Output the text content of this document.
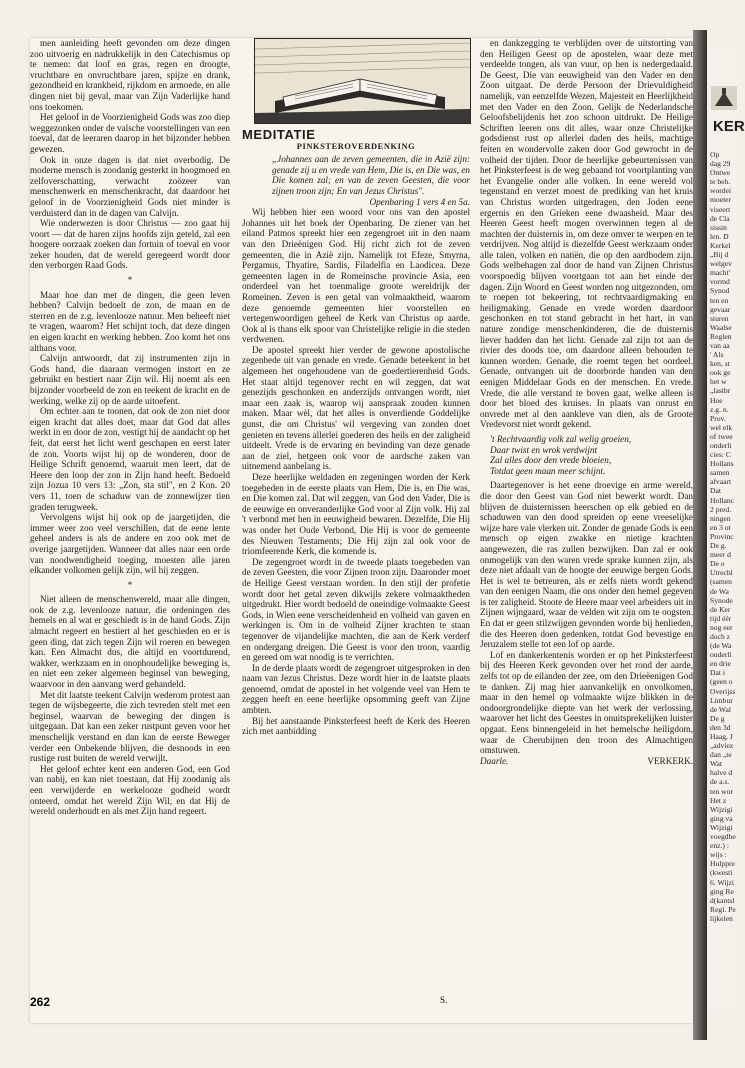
men aanleiding heeft gevonden om deze dingen zoo uitvoerig en nadrukkelijk in den Catechismus op te nemen: dat loof en gras, regen en droogte, vruchtbare en onvruchtbare jaren, spijze en drank, gezondheid en krankheid, rijkdom en armoede, en alle dingen niet bij geval, maar van Zijn Vaderlijke hand ons toekomen.

Het geloof in de Voorzienigheid Gods was zoo diep weggezonken onder de valsche voorstellingen van een toeval, dat de leeraren daarop in het bijzonder hebben gewezen.

Ook in onze dagen is dat niet overbodig. De moderne mensch is zoodanig gesterkt in hoogmoed en zelfoverschatting, verwacht zoözeer van menschenwerk en menschenkracht, dat daardoor het geloof in de Voorzienigheid Gods niet minder is verduisterd dan in de dagen van Calvijn.

Wie onderwezen is door Christus — zoo gaat hij voort — dat de haren zijns hoofds zijn geteld, zal een hoogere oorzaak zoeken dan fortuin of toeval en voor zeker houden, dat de wereld geregeerd wordt door den verborgen Raad Gods.

*

Maar hoe dan met de dingen, die geen leven hebben? Calvijn bedoelt de zon, de maan en de sterren en de z.g. levenlooze natuur. Men beheeft niet te vragen, waarom? Het schijnt toch, dat deze dingen en eigen kracht en werking hebben. Zoo komt het ons althans voor.

Calvijn antwoordt, dat zij instrumenten zijn in Gods hand, die daaraan vermogen instort en ze gebruikt en bestiert naar Zijn wil. Hij noemt als een bijzonder voorbeeld de zon en teekent de kracht en de werking, welke zij op de aarde uitoefent.

Om echter aan te toonen, dat ook de zon niet door eigen kracht dat alles doet, maar dat God dat alles werkt in en door de zon, vestigt hij de aandacht op het feit, dat eerst het licht werd geschapen en eerst later de zon. Voorts wijst hij op de wonderen, door de Heilige Schrift genoemd, waaruit men leert, dat de Heere den loop der zon in Zijn hand heeft. Bedoeld zijn Jozua 10 vers 13: „Zon, sta stil", en 2 Kon. 20 vers 11, toen de schaduw van de zonnewijzer tien graden terugweek.

Vervolgens wijst hij ook op de jaargetijden, die immer weer zoo veel verschillen, dat de eene lente geheel anders is als de andere en zoo ook met de overige jaargetijden. Wanneer dat alles naar een orde van noodwendigheid toeging, moesten alle jaren elkander volkomen gelijk zijn, wil hij zeggen.

*

Niet alleen de menschenwereld, maar alle dingen, ook de z.g. levenlooze natuur, die ordeningen des hemels en al wat er geschiedt is in de hand Gods. Zijn almacht regeert en bestiert al het geschieden en er is geen ding, dat zich tegen Zijn wil roeren en bewegen kan. Een Almacht dus, die altijd en voortdurend, wakker, werkzaam en in onophoudelijke beweging is, en niet een zeker algemeen beginsel van beweging, waarvoor in den aanvang werd gehandeld.

Met dit laatste teekent Calvijn wederom protest aan tegen de wijsbegeerte, die zich tevreden stelt met een beginsel, waarvan de beweging der dingen is uitgegaan. Dat kan een zeker rustpunt geven voor het menschelijk verstand en dan kan de eerste Beweger verder een Onbekende blijven, die desnoods in een rustige rust buiten de wereld verwijlt.

Het geloof echter kent een anderen God, een God van nabij, en kan niet toestaan, dat Hij zoodanig als een verwijderde en werkelooze godheid wordt onteerd, omdat het wereld Zijn Wil, en dat Hij de wereld onderhoudt en als met Zijn hand regeert.

MEDITATIE
PINKSTEROVERDENKING

„Johannes aan de zeven gemeenten, die in Azië zijn: genade zij u en vrede van Hem, Die is, en Die was, en Die komen zal; en van de zeven Geesten, die voor zijnen troon zijn; En van Jezus Christus".

Openbaring 1 vers 4 en 5a.

Wij hebben hier een woord voor ons van den apostel Johannes uit het boek der Openbaring. De ziener van het eiland Patmos spreekt hier een zegengroet uit in den naam van den Drieënigen God. Hij richt zich tot de zeven gemeenten, die in Azië zijn. Namelijk tot Efeze, Smyrna, Pergamus, Thyatire, Sardis, Filadelfia en Laodicea. Deze gemeenten lagen in de Romeinsche provincie Asia, een onderdeel van het toenmalige groote wereldrijk der Romeinen. Zeven is een getal van volmaaktheid, waarom deze genoemde gemeenten hier voorstellen en vertegenwoordigen geheel de Kerk van Christus op aarde. Ook al is thans elk spoor van Christelijke religie in die steden verdwenen.

De apostel spreekt hier verder de gewone apostolische zegenbede uit van genade en vrede. Genade beteekent in het algemeen het ongehoudene van de goedertierenheid Gods. Het staat altijd tegenover recht en wil zeggen, dat wat genezijds geschonken en anderzijds ontvangen wordt, niet maar een zaak is, waarop wij aanspraak zouden kunnen maken. Maar wèl, dat het alles is onverdiende Goddelijke gunst, die om Christus' wil vergeving van zonden doet genieten en tevens allerlei goederen des heils en der zaligheid uitdeelt. Vrede is de ervaring en bevinding van deze genade aan de ziel, hetgeen ook voor de aardsche zaken van uitnemend aanbelang is.

Deze heerlijke weldaden en zegeningen worden der Kerk toegebeden in de eerste plaats van Hem, Die is, en Die was, en Die komen zal. Dat wil zeggen, van God den Vader, Die is de eeuwige en onveranderlijke God voor al Zijn volk. Hij zal 't verbond met hen in eeuwigheid bewaren. Dezelfde, Die Hij was onder het Oude Verbond, Die Hij is voor de gemeente des Nieuwen Testaments; Die Hij zijn zal ook voor de triomfeerende Kerk, die komende is.

De zegengroet wordt in de tweede plaats toegebeden van de zeven Geesten, die voor Zijnen troon zijn. Daaronder moet de Heilige Geest verstaan worden. In den stijl der profetie wordt door het getal zeven dikwijls zekere volmaaktheden uitgedrukt. Hier wordt bedoeld de oneindige volmaakte Geest Gods, in Wien eene verscheidenheid en volheid van gaven en werkingen is. Om in de volheid Zijner krachten te staan tegenover de vijandelijke machten, die aan de Kerk verderf en ondergang dreigen. Die Geest is voor den troon, vaardig en gereed om wat noodig is te verrichten.

In de derde plaats wordt de zegengroet uitgesproken in den naam van Jezus Christus. Deze wordt hier in de laatste plaats genoemd, omdat de apostel in het volgende veel van Hem te zeggen heeft en eene heerlijke opsomming geeft van Zijne ambten.

Bij het aanstaande Pinksterfeest heeft de Kerk des Heeren zich met aanbidding

en dankzegging te verblijden over de uitstorting van den Heiligen Geest op de apostelen, waar deze met verdeelde tongen, als van vuur, op hen is nedergedaald. De Geest, Die van eeuwigheid van den Vader en den Zoon uitgaat. De derde Persoon der Drievuldigheid namelijk, van eenzelfde Wezen, Majesteit en Heerlijkheid met den Vader en den Zoon. Gelijk de Nederlandsche Geloofsbelijdenis het zoo schoon uitdrukt. De Heilige Schriften leeren ons dit alles, waar onze Christelijke godsdienst rust op allerlei daden des heils, machtige feiten en wondervolle zaken door God gewrocht in de volheid der tijden. Door de heerlijke gebeurtenissen van het Pinksterfeest is de weg gebaand tot voortplanting van het Evangelie onder alle volken. In eene wereld vol tegenstand en verzet moest de prediking van het kruis van Christus worden uitgedragen, den Joden eene ergernis en den Grieken eene dwaasheid. Maar des Heeren Geest heeft mogen overwinnen tegen al de machten der duisternis in, om deze omver te werpen en te verdrijven. Nog altijd is diezelfde Geest werkzaam onder alle talen, volken en natiën, die op den aardbodem zijn. Gods welbehagen zal door de hand van Zijnen Christus voorspoedig blijven voortgaan tot aan het einde der dagen. Zijn Woord en Geest worden nog uitgezonden, om te roepen tot bekeering, tot rechtvaardigmaking en heiligmaking. Genade en vrede worden daardoor geschonken en tot stand gebracht in het hart, in van nature zondige menschenkinderen, die de duisternis liever hadden dan het licht. Genade zal zijn tot aan de rivier des doods toe, om daardoor alleen behouden te kunnen worden. Genade, die roemt tegen het oordeel. Genade, ontvangen uit de doorborde handen van den eenigen Middelaar Gods en der menschen. En vrede. Vrede, die alle verstand te boven gaat, welke alleen is door het bloed des kruises. In plaats van onrust en onvrede met al den aankleve van dien, als de Groote Vredevorst niet wordt gekend.

't Rechtvaardig volk zal welig groeien,
Daar twist en wrok verdwijnt
Zal alles door den vrede bloeien,
Totdat geen maan meer schijnt.

Daartegenover is het eene droevige en arme wereld, die door den Geest van God niet bewerkt wordt. Dan blijven de duisternissen heerschen op elk gebied en de schaduwen van den dood spreiden op eene vreeselijke wijze hare vale vlerken uit. Zonder de genade Gods is een mensch op eigen zwakke en nietige krachten aangewezen, die ras zullen bezwijken. Dan zal er ook onmogelijk van den waren vrede sprake kunnen zijn, als deze niet afdaalt van de hoogte der eeuwige bergen Gods. Het is wel te betreuren, als er zelfs niets wordt gekend van den eenigen Naam, die ons onder den hemel gegeven is ter zaligheid. Stoote de Heere maar veel arbeiders uit in Zijnen wijngaard, waar de velden wit zijn om te oogsten. En dat er geen stilzwijgen gevonden worde bij henlieden, die des Heeren doen gedenken, totdat God bevestige en Jeruzalem stelle tot een lof op aarde.

Lof en dankerkentenis worden er op het Pinksterfeest bij des Heeren Kerk gevonden over het rond der aarde, zelfs tot op de eilanden der zee, om den Drieëenigen God te danken. Zij mag hier aanvankelijk en onvolkomen, maar in den hemel op volmaakte wijze blikken in de ondoorgrondelijke diepte van het werk der verlossing, waarover het licht des Geestes in onuitsprekelijken luister opgaat. Eens binnengeleid in het hemelsche heiligdom, waar de Cherubijnen den troon des Almachtigen omstuwen.

Daarle.	VERKERK.
262	S.
KER
Op
dag 29
Ontwe
te beh.
wordei
moeter
viseert
de Cla
sissin
len. D
Kerkel
„Bij d
welgev
macht'
vormd
Synod
ten en
gevaar
sturen
Waalse
Reglen
van aa
' Als
ken, st
ook ge
het w
„lastbr
Hoe
z.g. n.
Prov.
wel elk
of twee
onderli
cies: C
Hollans
samen
afvaart
Dat
Hollanc
2 pred.
ningen
en 3 ot
Provinc
De g.
meer d
De o
Utrechl
(samen
de Wa
Synode
de Ker
tijd éér
nog eer
doch z
(de Wa
ouderli
en drie
Dat i
(geen o
Overijss
Limbur
de Wal
De g
den 3d
Haag, J
„adviez
dan „te
Wat
halve d
de a.s.
ten wor
Het z
Wijzigi
ging va
Wijzigi
voegdhe
enz.) :
wijs :
Hulppre
(kwesti
6. Wijzi
ging Re
d(kantsl
Regl. Pe
lijkelen
